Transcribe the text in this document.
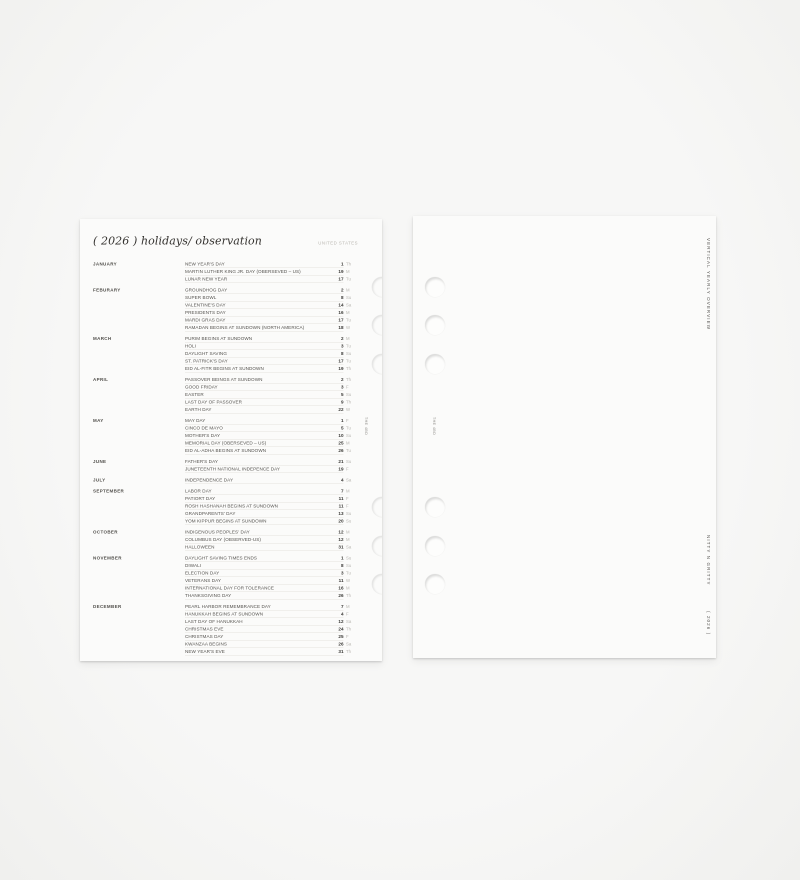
( 2026 ) holidays/ observation	UNITED STATES
JANUARY	NEW YEAR'S DAY	1 Th
MARTIN LUTHER KING JR. DAY (OBERSEVED – US)	19 M
LUNAR NEW YEAR	17 Tu
FEBURARY	GROUNDHOG DAY	2 M
SUPER BOWL	8 Su
VALENTINE'S DAY	14 Sa
PRESIDENTS DAY	16 M
MARDI GRAS DAY	17 Tu
RAMADAN BEGINS AT SUNDOWN (NORTH AMERICA)	18 W
MARCH	PURIM BEGINS AT SUNDOWN	2 M
HOLI	3 Tu
DAYLIGHT SAVING	8 Su
ST. PATRICK'S DAY	17 Tu
EID AL-FITR BEGINS AT SUNDOWN	19 Th
APRIL	PASSOVER BEINGS AT SUNDOWN	2 Th
GOOD FRIDAY	3 F
EASTER	5 Su
LAST DAY OF PASSOVER	9 Th
EARTH DAY	22 W
MAY	MAY DAY	1 F
CINCO DE MAYO	5 Tu
MOTHER'S DAY	10 Su
MEMORIAL DAY (OBERSEVED – US)	25 M
EID AL-ADHA BEGINS AT SUNDOWN	26 Tu
JUNE	FATHER'S DAY	21 Su
JUNETEENTH NATIONAL INDEPENCE DAY	19 F
JULY	INDEPENDENCE DAY	4 Sa
SEPTEMBER	LABOR DAY	7 M
PATIORT DAY	11 F
ROSH HASHANAH BEGINS AT SUNDOWN	11 F
GRANDPARENTS' DAY	13 Su
YOM KIPPUR BEGINS AT SUNDOWN	20 Su
OCTOBER	INDIGENOUS PEOPLES' DAY	12 M
COLUMBUS DAY (OBSERVED-US)	12 M
HALLOWEEN	31 Sa
NOVEMBER	DAYLIGHT SAVING TIMES ENDS	1 Su
DIWALI	8 Su
ELECTION DAY	3 Tu
VETERANS DAY	11 W
INTERNATIONAL DAY FOR TOLERANCE	16 M
THANKSGIVING DAY	26 Th
DECEMBER	PEARL HARBOR REMEMBRANCE DAY	7 M
HANUKKAH BEGINS AT SUNDOWN	4 F
LAST DAY OF HANUKKAH	12 Sa
CHRISTMAS EVE	24 Th
CHRISTMAS DAY	25 F
KWANZAA BEGINS	26 Sa
NEW YEAR'S EVE	31 Th
THE 4BD
VERTICAL YEARLY OVERVIEW
NITTY N GRITTY
( 2026 )
THE 4BD
